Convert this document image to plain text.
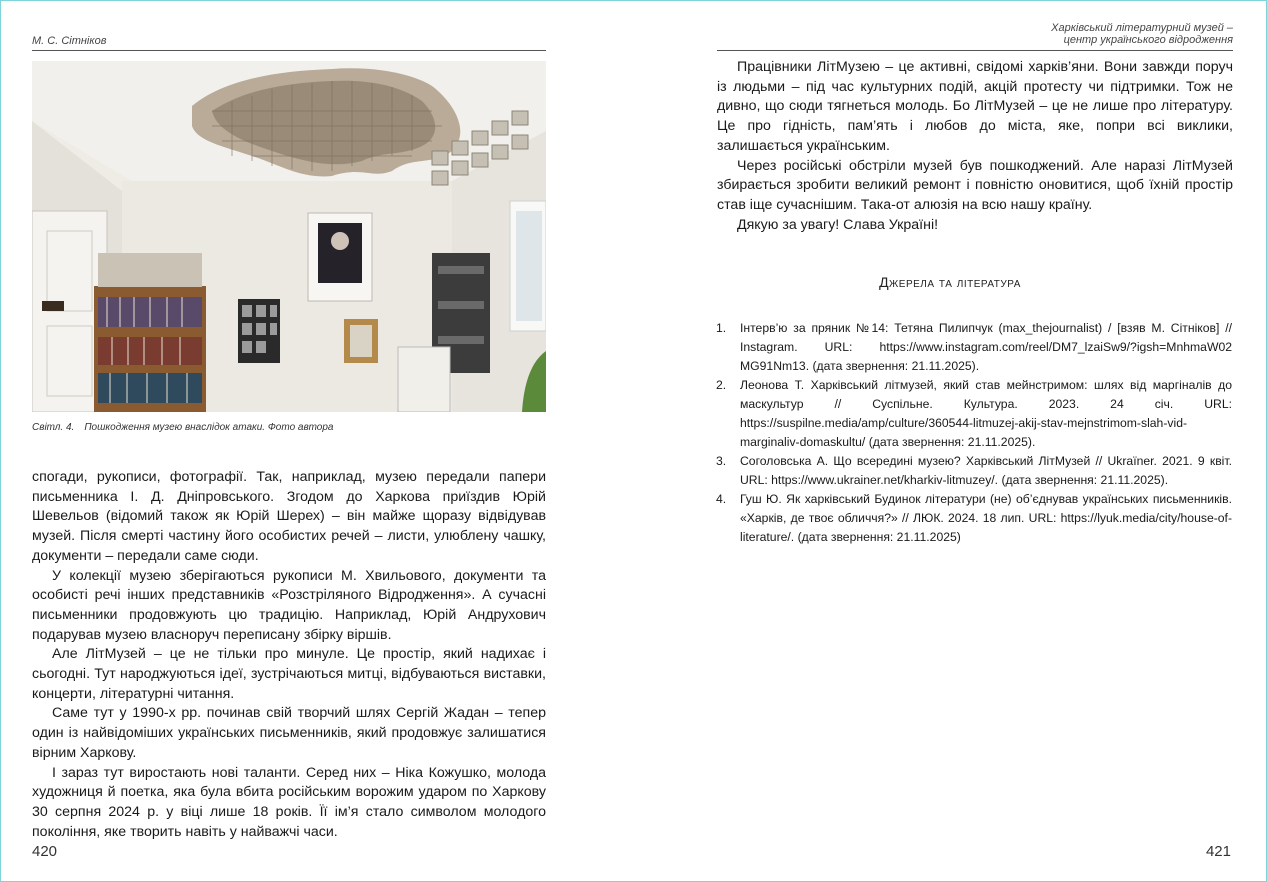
М. С. Сітніков
Світл. 4. Пошкодження музею внаслідок атаки. Фото автора

спогади, рукописи, фотографії. Так, наприклад, музею передали папери письменника І. Д. Дніпровського. Згодом до Харкова приїздив Юрій Шевельов (відомий також як Юрій Шерех) – він майже щоразу відвідував музей. Після смерті частину його особистих речей – листи, улюблену чашку, документи – передали саме сюди.

У колекції музею зберігаються рукописи М. Хвильового, документи та особисті речі інших представників «Розстріляного Відродження». А сучасні письменники продовжують цю традицію. Наприклад, Юрій Андрухович подарував музею власноруч переписану збірку віршів.

Але ЛітМузей – це не тільки про минуле. Це простір, який надихає і сьогодні. Тут народжуються ідеї, зустрічаються митці, відбуваються виставки, концерти, літературні читання.

Саме тут у 1990-х рр. починав свій творчий шлях Сергій Жадан – тепер один із найвідоміших українських письменників, який продовжує залишатися вірним Харкову.

І зараз тут виростають нові таланти. Серед них – Ніка Кожушко, молода художниця й поетка, яка була вбита російським ворожим ударом по Харкову 30 серпня 2024 р. у віці лише 18 років. Її ім’я стало символом молодого покоління, яке творить навіть у найважчі часи.

420
Харківський літературний музей –
центр українського відродження

Працівники ЛітМузею – це активні, свідомі харків’яни. Вони завжди поруч із людьми – під час культурних подій, акцій протесту чи підтримки. Тож не дивно, що сюди тягнеться молодь. Бо ЛітМузей – це не лише про літературу. Це про гідність, пам’ять і любов до міста, яке, попри всі виклики, залишається українським.

Через російські обстріли музей був пошкоджений. Але наразі ЛітМузей збирається зробити великий ремонт і повністю оновитися, щоб їхній простір став іще сучаснішим. Така-от алюзія на всю нашу країну.

Дякую за увагу! Слава Україні!

Джерела та література
1.	Інтерв’ю за пряник №14: Тетяна Пилипчук (max_thejournalist) / [взяв М. Сітніков] // Instagram. URL: https://www.instagram.com/reel/DM7_lzaiSw9/?igsh=MnhmaW02 MG91Nm13. (дата звернення: 21.11.2025).
2.	Леонова Т. Харківський літмузей, який став мейнстримом: шлях від маргіналів до маскультур // Суспільне. Культура. 2023. 24 січ. URL: https://suspilne.media/amp/culture/360544-litmuzej-akij-stav-mejnstrimom-slah-vid-marginaliv-domaskultu/ (дата звернення: 21.11.2025).
3.	Соголовська А. Що всередині музею? Харківський ЛітМузей // Ukraїner. 2021. 9 квіт. URL: https://www.ukrainer.net/kharkiv-litmuzey/. (дата звернення: 21.11.2025).
4.	Гуш Ю. Як харківський Будинок літератури (не) об’єднував українських письменників. «Харків, де твоє обличчя?» // ЛЮК. 2024. 18 лип. URL: https://lyuk.media/city/house-of-literature/. (дата звернення: 21.11.2025)
421
